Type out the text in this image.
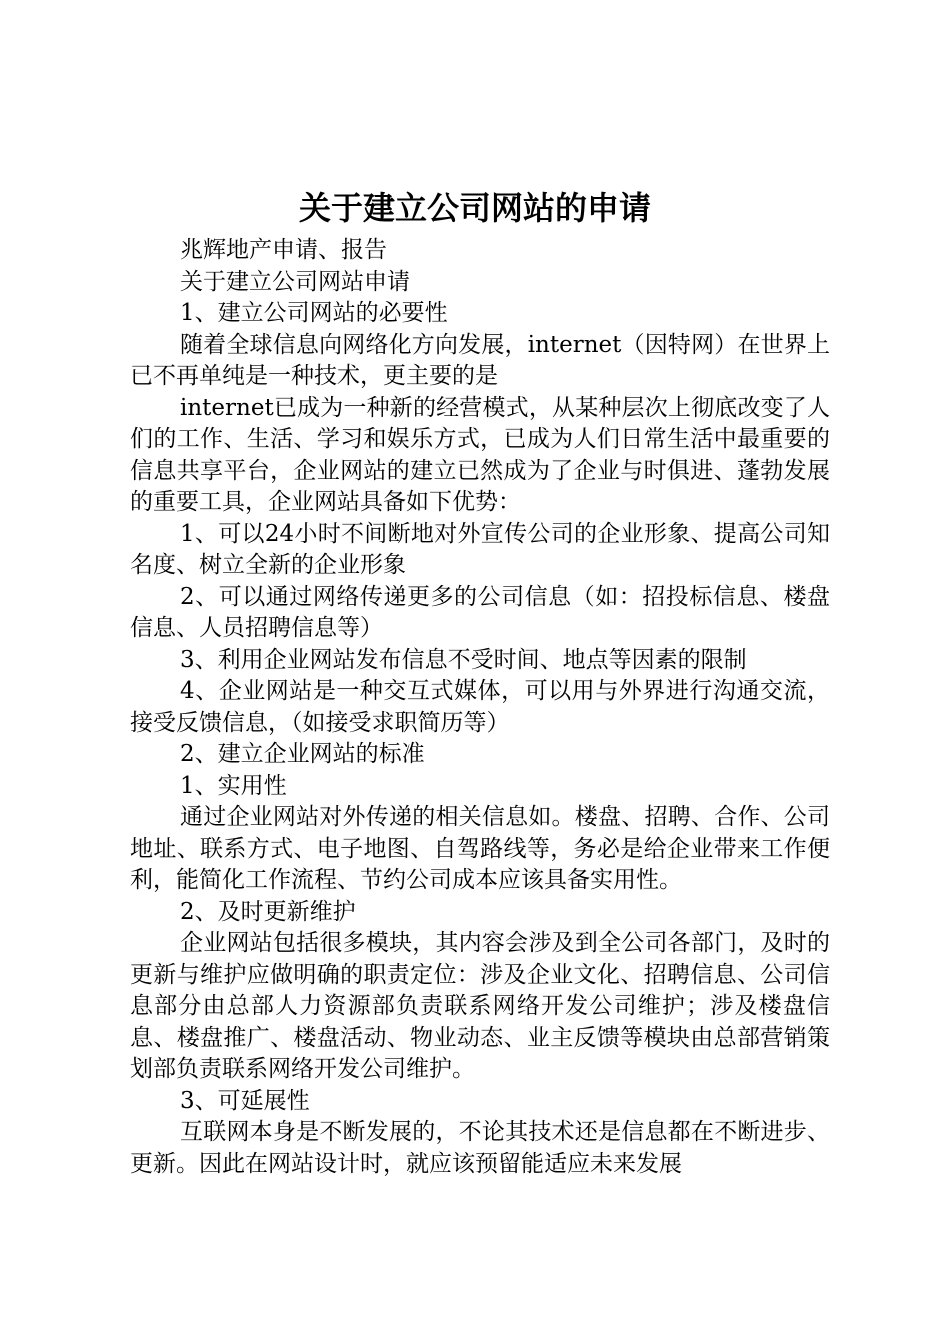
关于建立公司网站的申请

兆辉地产申请、报告

关于建立公司网站申请

1、建立公司网站的必要性

随着全球信息向网络化方向发展，internet（因特网）在世界上已不再单纯是一种技术，更主要的是

internet已成为一种新的经营模式，从某种层次上彻底改变了人们的工作、生活、学习和娱乐方式，已成为人们日常生活中最重要的信息共享平台，企业网站的建立已然成为了企业与时俱进、蓬勃发展的重要工具，企业网站具备如下优势：

1、可以24小时不间断地对外宣传公司的企业形象、提高公司知名度、树立全新的企业形象

2、可以通过网络传递更多的公司信息（如：招投标信息、楼盘信息、人员招聘信息等）

3、利用企业网站发布信息不受时间、地点等因素的限制

4、企业网站是一种交互式媒体，可以用与外界进行沟通交流，接受反馈信息，（如接受求职简历等）

2、建立企业网站的标准

1、实用性

通过企业网站对外传递的相关信息如。楼盘、招聘、合作、公司地址、联系方式、电子地图、自驾路线等，务必是给企业带来工作便利，能简化工作流程、节约公司成本应该具备实用性。

2、及时更新维护

企业网站包括很多模块，其内容会涉及到全公司各部门，及时的更新与维护应做明确的职责定位：涉及企业文化、招聘信息、公司信息部分由总部人力资源部负责联系网络开发公司维护；涉及楼盘信息、楼盘推广、楼盘活动、物业动态、业主反馈等模块由总部营销策划部负责联系网络开发公司维护。

3、可延展性

互联网本身是不断发展的，不论其技术还是信息都在不断进步、更新。因此在网站设计时，就应该预留能适应未来发展
